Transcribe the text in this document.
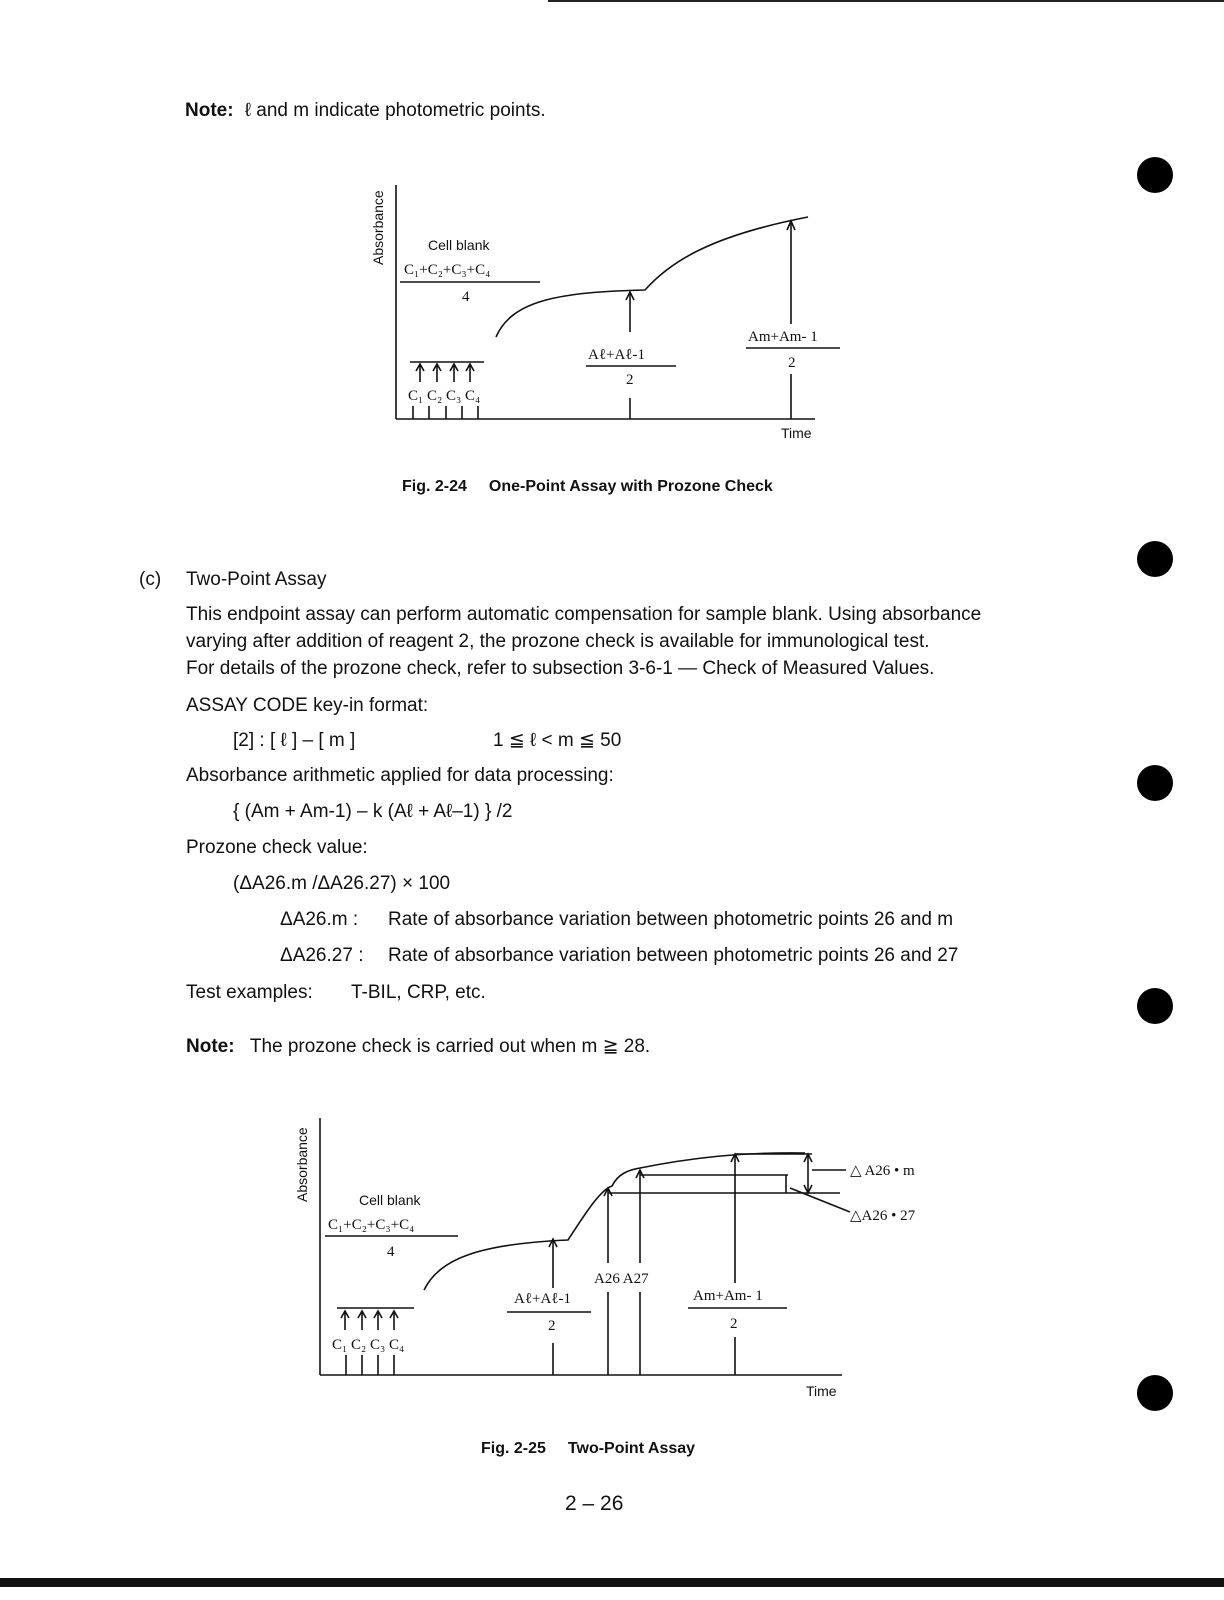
Note: ℓ and m indicate photometric points.
Absorbance
Time
Cell blank
C₁+C₂+C₃+C₄
4
C₁ C₂ C₃ C₄
Aℓ+Aℓ-1
2
Am+Am- 1
2
Fig. 2-24 One-Point Assay with Prozone Check
(c) Two-Point Assay
This endpoint assay can perform automatic compensation for sample blank. Using absorbance
varying after addition of reagent 2, the prozone check is available for immunological test.
For details of the prozone check, refer to subsection 3-6-1 — Check of Measured Values.
ASSAY CODE key-in format:
[2] : [ ℓ ] – [ m ]	1 ≦ ℓ < m ≦ 50
Absorbance arithmetic applied for data processing:
{ (Am + Am-1) – k (Aℓ + Aℓ–1) } /2
Prozone check value:
(ΔA26.m /ΔA26.27) × 100
ΔA26.m : Rate of absorbance variation between photometric points 26 and m
ΔA26.27 : Rate of absorbance variation between photometric points 26 and 27
Test examples: T-BIL, CRP, etc.
Note: The prozone check is carried out when m ≧ 28.
Absorbance
Time
Cell blank
C₁+C₂+C₃+C₄
4
C₁ C₂ C₃ C₄
Aℓ+Aℓ-1
2
A26 A27
Am+Am- 1
2
△ A26 • m
△A26 • 27
Fig. 2-25 Two-Point Assay
2 – 26
